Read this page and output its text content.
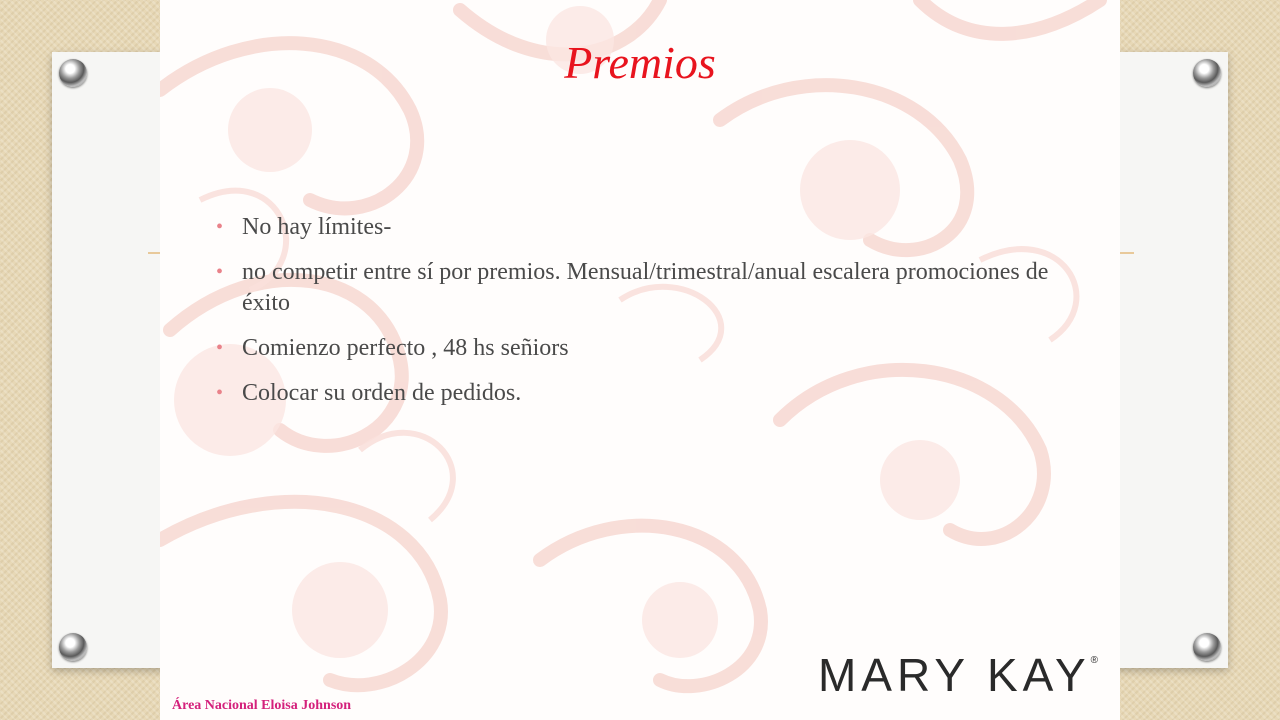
Premios
• No hay límites-
• no competir entre sí por premios. Mensual/trimestral/anual escalera promociones de éxito
• Comienzo perfecto , 48 hs señiors
• Colocar su orden de pedidos.
MARY KAY®
Área Nacional Eloisa Johnson
